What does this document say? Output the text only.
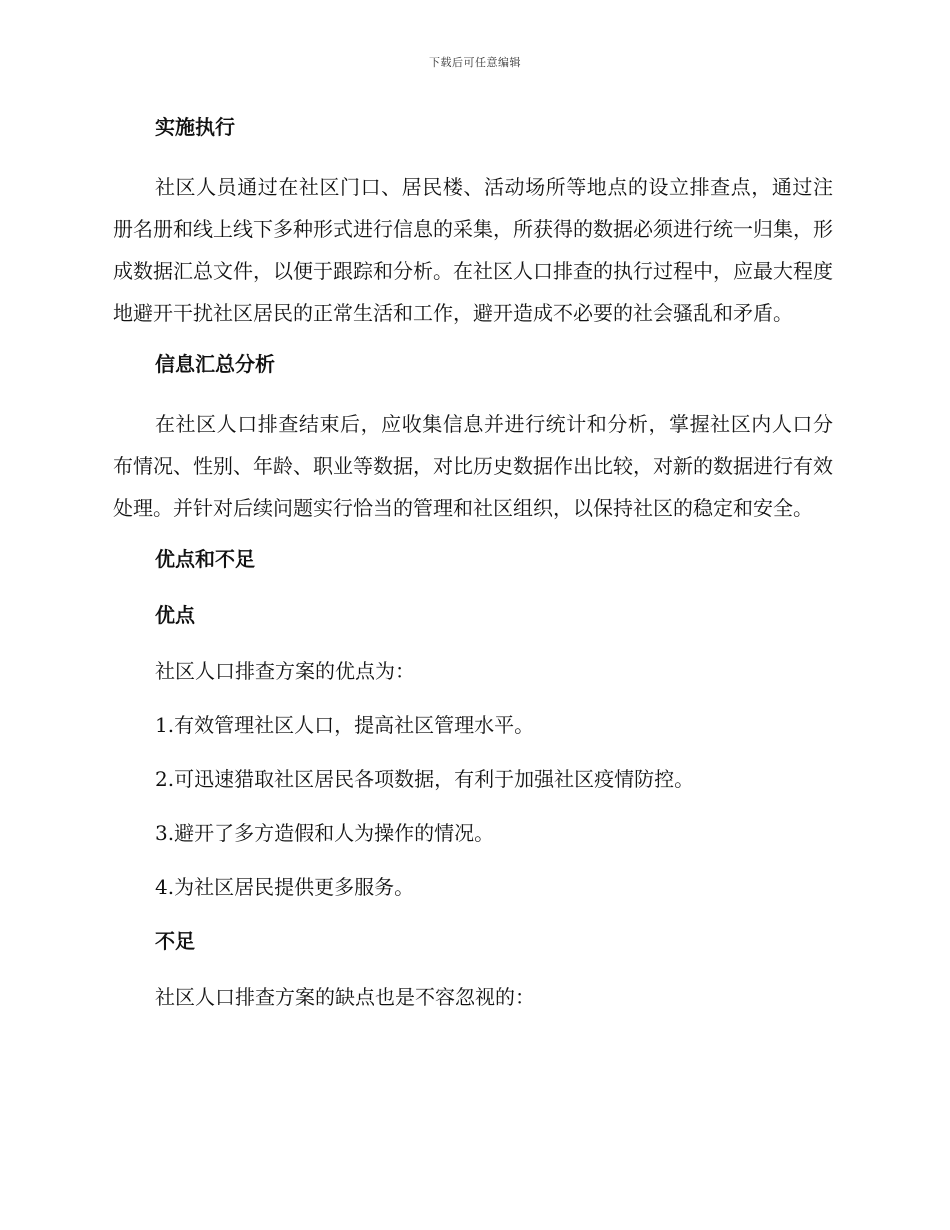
下载后可任意编辑
实施执行
社区人员通过在社区门口、居民楼、活动场所等地点的设立排查点，通过注册名册和线上线下多种形式进行信息的采集，所获得的数据必须进行统一归集，形成数据汇总文件，以便于跟踪和分析。在社区人口排查的执行过程中，应最大程度地避开干扰社区居民的正常生活和工作，避开造成不必要的社会骚乱和矛盾。
信息汇总分析
在社区人口排查结束后，应收集信息并进行统计和分析，掌握社区内人口分布情况、性别、年龄、职业等数据，对比历史数据作出比较，对新的数据进行有效处理。并针对后续问题实行恰当的管理和社区组织，以保持社区的稳定和安全。
优点和不足
优点
社区人口排查方案的优点为：
1.有效管理社区人口，提高社区管理水平。
2.可迅速猎取社区居民各项数据，有利于加强社区疫情防控。
3.避开了多方造假和人为操作的情况。
4.为社区居民提供更多服务。
不足
社区人口排查方案的缺点也是不容忽视的：
